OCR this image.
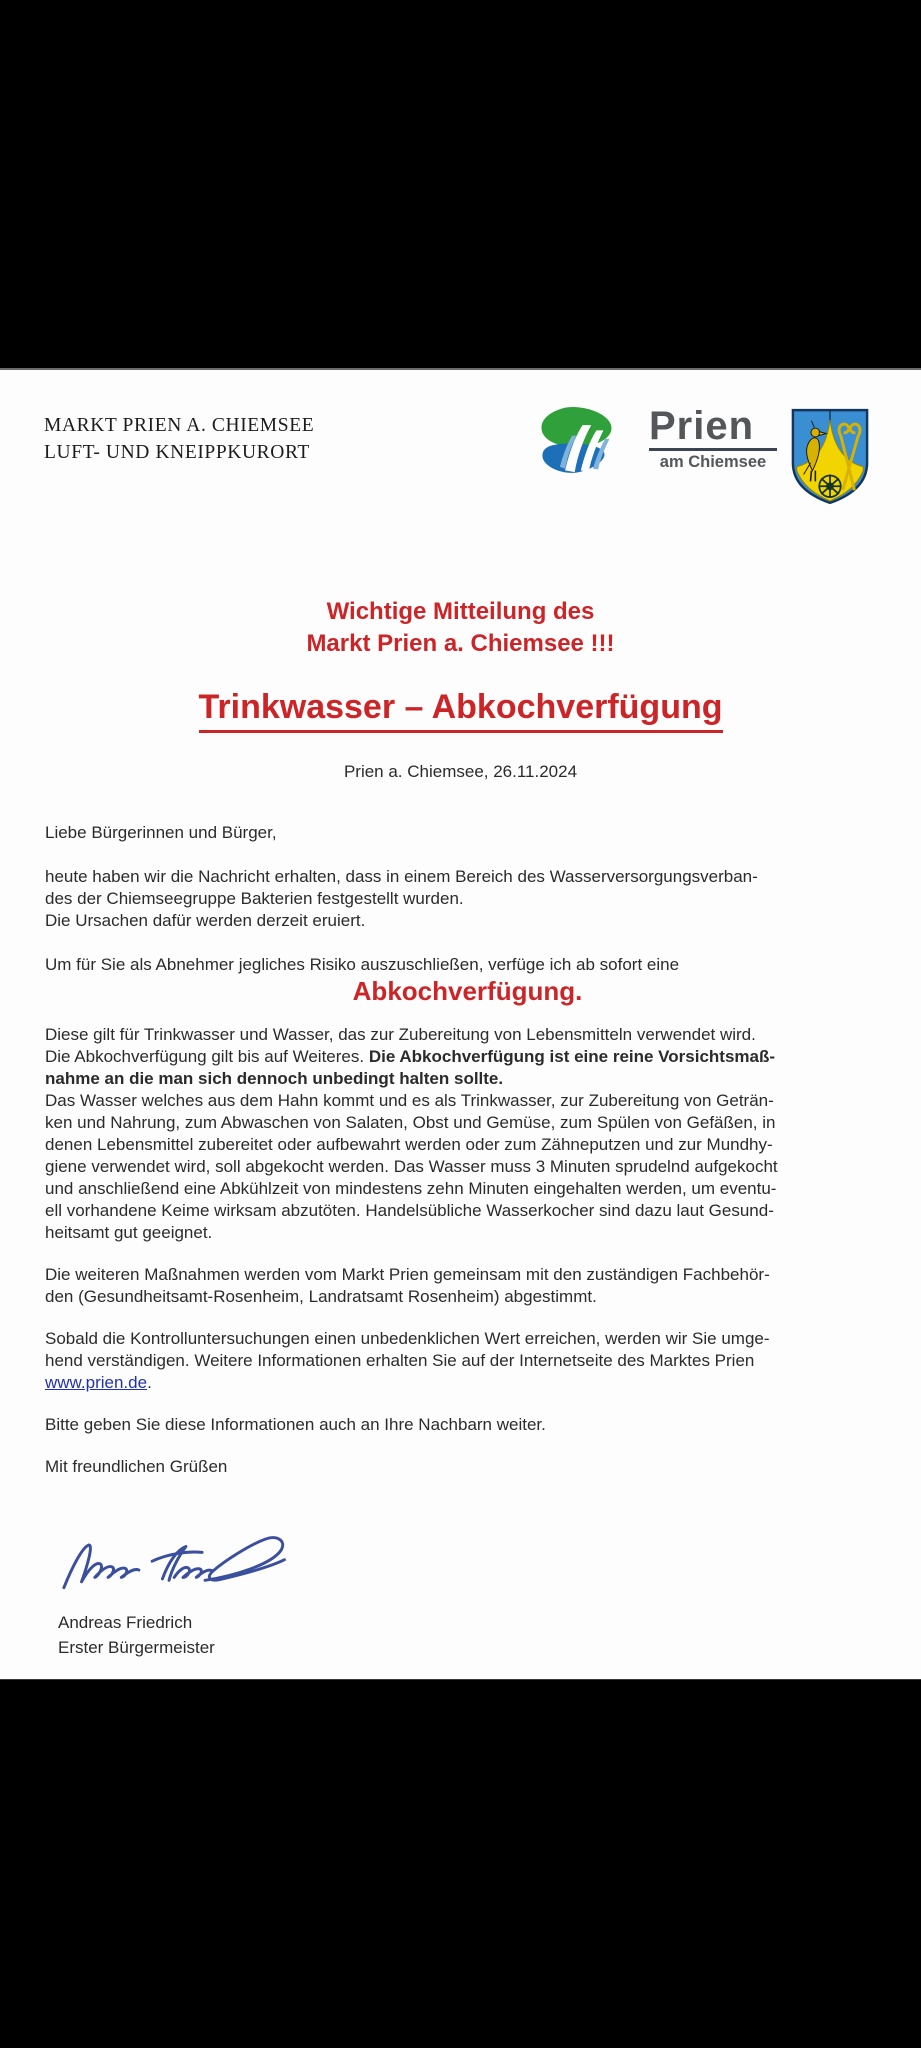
MARKT PRIEN A. CHIEMSEE
LUFT- UND KNEIPPKURORT
Prien
am Chiemsee
Wichtige Mitteilung des
Markt Prien a. Chiemsee !!!
Trinkwasser – Abkochverfügung
Prien a. Chiemsee, 26.11.2024

Liebe Bürgerinnen und Bürger,

heute haben wir die Nachricht erhalten, dass in einem Bereich des Wasserversorgungsverban-
des der Chiemseegruppe Bakterien festgestellt wurden.
Die Ursachen dafür werden derzeit eruiert.

Um für Sie als Abnehmer jegliches Risiko auszuschließen, verfüge ich ab sofort eine

Abkochverfügung.

Diese gilt für Trinkwasser und Wasser, das zur Zubereitung von Lebensmitteln verwendet wird.
Die Abkochverfügung gilt bis auf Weiteres. Die Abkochverfügung ist eine reine Vorsichtsmaß-
nahme an die man sich dennoch unbedingt halten sollte.
Das Wasser welches aus dem Hahn kommt und es als Trinkwasser, zur Zubereitung von Geträn-
ken und Nahrung, zum Abwaschen von Salaten, Obst und Gemüse, zum Spülen von Gefäßen, in
denen Lebensmittel zubereitet oder aufbewahrt werden oder zum Zähneputzen und zur Mundhy-
giene verwendet wird, soll abgekocht werden. Das Wasser muss 3 Minuten sprudelnd aufgekocht
und anschließend eine Abkühlzeit von mindestens zehn Minuten eingehalten werden, um eventu-
ell vorhandene Keime wirksam abzutöten. Handelsübliche Wasserkocher sind dazu laut Gesund-
heitsamt gut geeignet.

Die weiteren Maßnahmen werden vom Markt Prien gemeinsam mit den zuständigen Fachbehör-
den (Gesundheitsamt-Rosenheim, Landratsamt Rosenheim) abgestimmt.

Sobald die Kontrolluntersuchungen einen unbedenklichen Wert erreichen, werden wir Sie umge-
hend verständigen. Weitere Informationen erhalten Sie auf der Internetseite des Marktes Prien
www.prien.de.

Bitte geben Sie diese Informationen auch an Ihre Nachbarn weiter.

Mit freundlichen Grüßen

Andreas Friedrich
Erster Bürgermeister
